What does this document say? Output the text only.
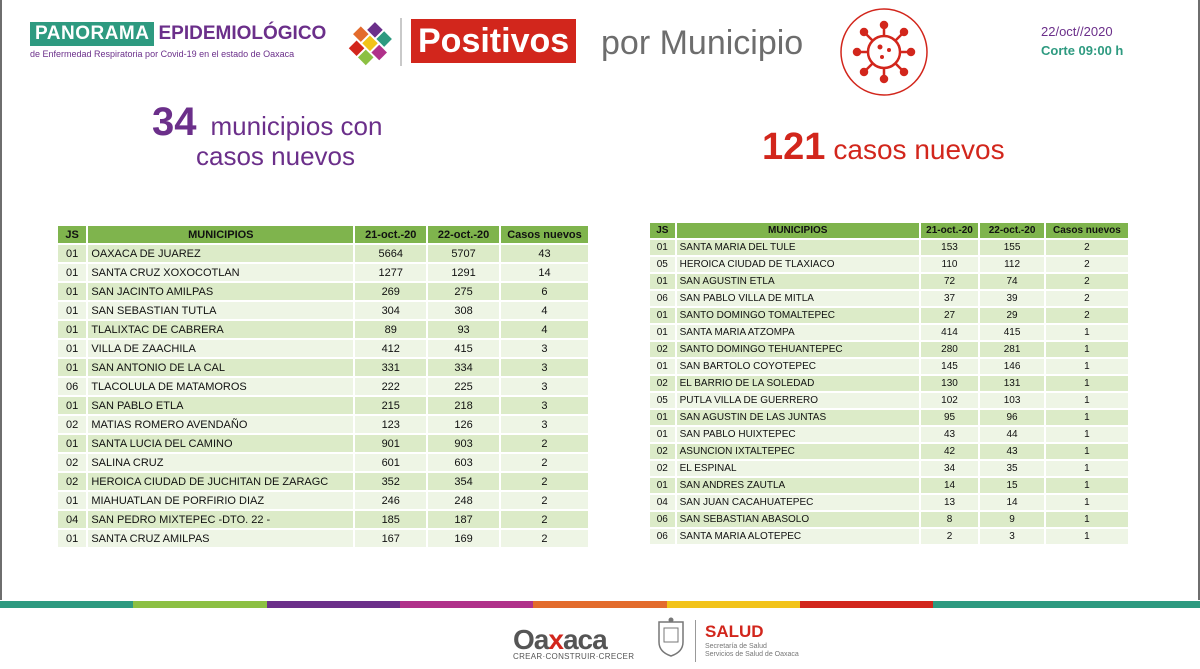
PANORAMA EPIDEMIOLÓGICO
de Enfermedad Respiratoria por Covid-19 en el estado de Oaxaca	Positivos por Municipio	22/oct//2020
Corte 09:00 h
34 municipios con
casos nuevos	121 casos nuevos
JS	MUNICIPIOS	21-oct.-20	22-oct.-20	Casos nuevos
01	OAXACA DE JUAREZ	5664	5707	43
01	SANTA CRUZ XOXOCOTLAN	1277	1291	14
01	SAN JACINTO AMILPAS	269	275	6
01	SAN SEBASTIAN TUTLA	304	308	4
01	TLALIXTAC DE CABRERA	89	93	4
01	VILLA DE ZAACHILA	412	415	3
01	SAN ANTONIO DE LA CAL	331	334	3
06	TLACOLULA DE MATAMOROS	222	225	3
01	SAN PABLO ETLA	215	218	3
02	MATIAS ROMERO AVENDAÑO	123	126	3
01	SANTA LUCIA DEL CAMINO	901	903	2
02	SALINA CRUZ	601	603	2
02	HEROICA CIUDAD DE JUCHITAN DE ZARAGC	352	354	2
01	MIAHUATLAN DE PORFIRIO DIAZ	246	248	2
04	SAN PEDRO MIXTEPEC -DTO. 22 -	185	187	2
01	SANTA CRUZ AMILPAS	167	169	2
JS	MUNICIPIOS	21-oct.-20	22-oct.-20	Casos nuevos
01	SANTA MARIA DEL TULE	153	155	2
05	HEROICA CIUDAD DE TLAXIACO	110	112	2
01	SAN AGUSTIN ETLA	72	74	2
06	SAN PABLO VILLA DE MITLA	37	39	2
01	SANTO DOMINGO TOMALTEPEC	27	29	2
01	SANTA MARIA ATZOMPA	414	415	1
02	SANTO DOMINGO TEHUANTEPEC	280	281	1
01	SAN BARTOLO COYOTEPEC	145	146	1
02	EL BARRIO DE LA SOLEDAD	130	131	1
05	PUTLA VILLA DE GUERRERO	102	103	1
01	SAN AGUSTIN DE LAS JUNTAS	95	96	1
01	SAN PABLO HUIXTEPEC	43	44	1
02	ASUNCION IXTALTEPEC	42	43	1
02	EL ESPINAL	34	35	1
01	SAN ANDRES ZAUTLA	14	15	1
04	SAN JUAN CACAHUATEPEC	13	14	1
06	SAN SEBASTIAN ABASOLO	8	9	1
06	SANTA MARIA ALOTEPEC	2	3	1
Oaxaca
CREAR·CONSTRUIR·CRECER
SALUD
Secretaría de Salud
Servicios de Salud de Oaxaca
